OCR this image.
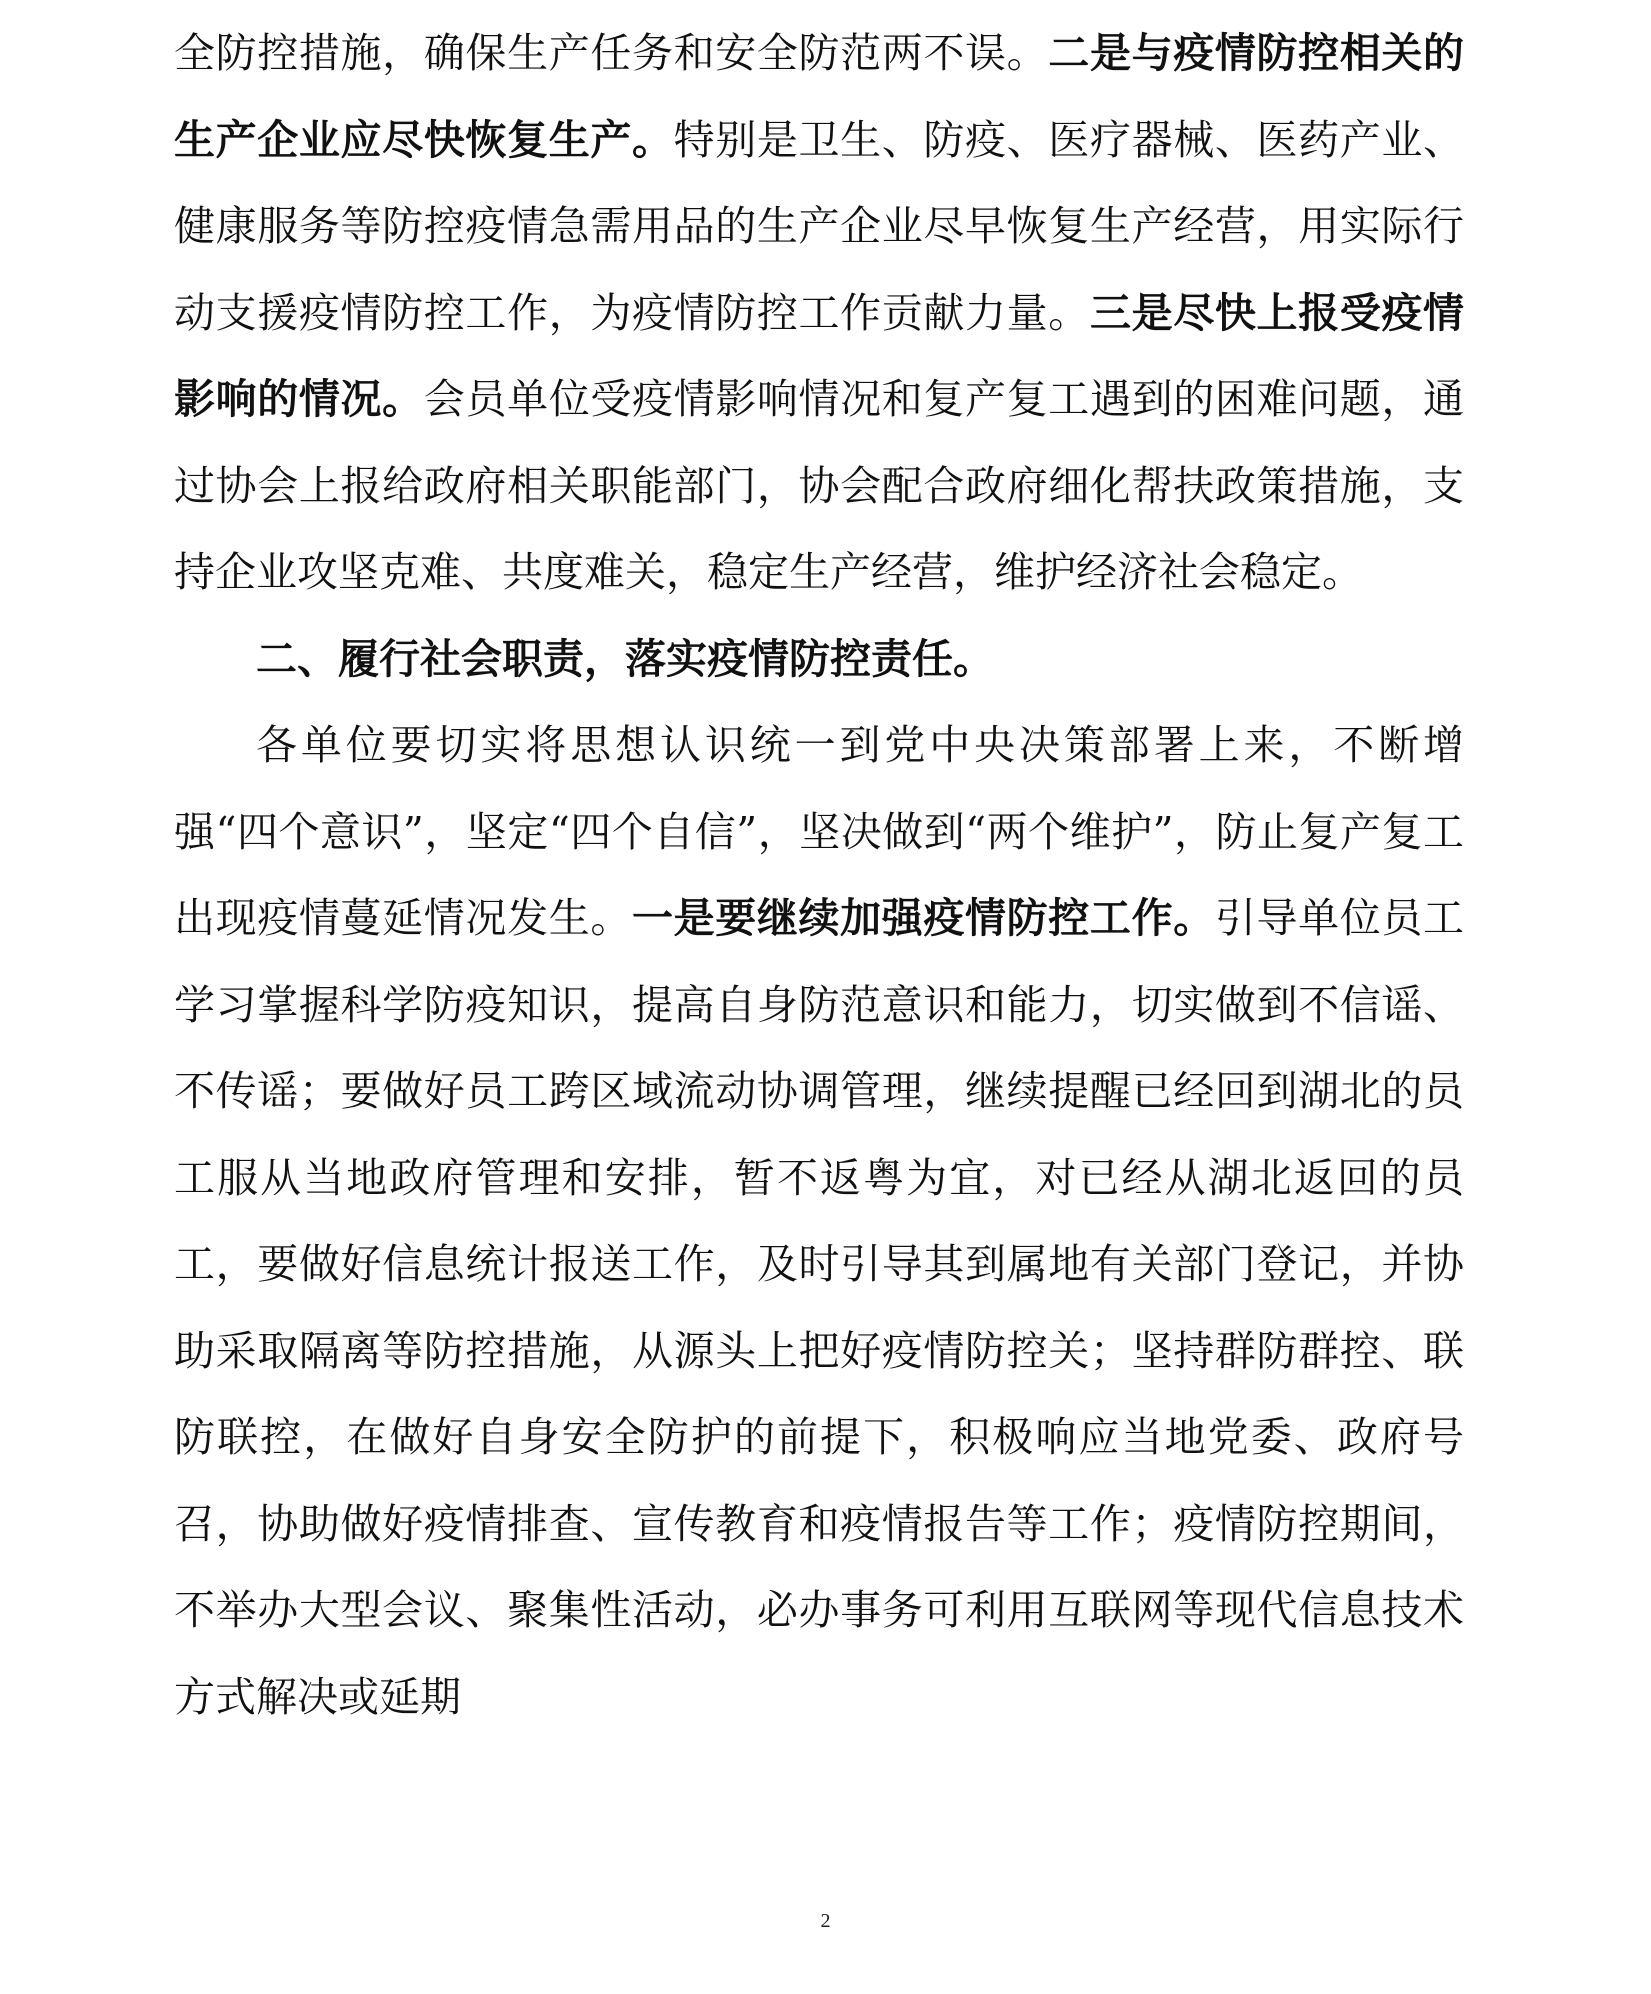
全防控措施，确保生产任务和安全防范两不误。二是与疫情防控相关的生产企业应尽快恢复生产。特别是卫生、防疫、医疗器械、医药产业、健康服务等防控疫情急需用品的生产企业尽早恢复生产经营，用实际行动支援疫情防控工作，为疫情防控工作贡献力量。三是尽快上报受疫情影响的情况。会员单位受疫情影响情况和复产复工遇到的困难问题，通过协会上报给政府相关职能部门，协会配合政府细化帮扶政策措施，支持企业攻坚克难、共度难关，稳定生产经营，维护经济社会稳定。

二、履行社会职责，落实疫情防控责任。

各单位要切实将思想认识统一到党中央决策部署上来，不断增强“四个意识”，坚定“四个自信”，坚决做到“两个维护”，防止复产复工出现疫情蔓延情况发生。一是要继续加强疫情防控工作。引导单位员工学习掌握科学防疫知识，提高自身防范意识和能力，切实做到不信谣、不传谣；要做好员工跨区域流动协调管理，继续提醒已经回到湖北的员工服从当地政府管理和安排，暂不返粤为宜，对已经从湖北返回的员工，要做好信息统计报送工作，及时引导其到属地有关部门登记，并协助采取隔离等防控措施，从源头上把好疫情防控关；坚持群防群控、联防联控，在做好自身安全防护的前提下，积极响应当地党委、政府号召，协助做好疫情排查、宣传教育和疫情报告等工作；疫情防控期间，不举办大型会议、聚集性活动，必办事务可利用互联网等现代信息技术方式解决或延期

2
